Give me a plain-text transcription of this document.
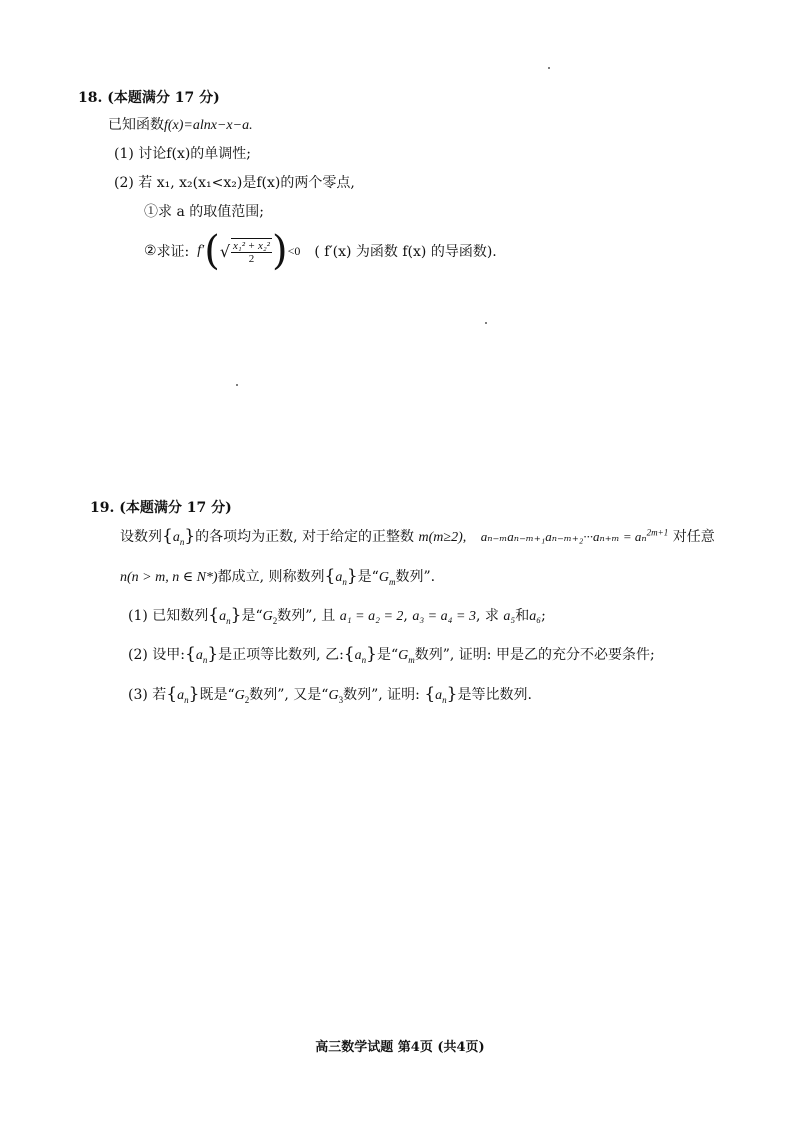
18. (本题满分 17 分)
已知函数f(x)=alnx−x−a.
(1) 讨论f(x)的单调性;
(2) 若 x₁, x₂(x₁<x₂)是f(x)的两个零点,
①求 a 的取值范围;
② 求证: f′ ( √ $\frac{\text{x₁² + x₂²}}{2}$ ) <0 ( f′(x) 为函数 f(x) 的导函数).
19. (本题满分 17 分)
设数列$\{a_n\}$的各项均为正数, 对于给定的正整数 m(m≥2), aₙ₋ₘaₙ₋ₘ₊₁aₙ₋ₘ₊₂···aₙ₊ₘ = aₙ$^{2m+1}$ 对任意
n(n > m, n ∈ N*)都成立, 则称数列$\{a_n\}$是“$G_m$数列”.
(1) 已知数列$\{a_n\}$是“$G_2$数列”, 且 a₁ = a₂ = 2, a₃ = a₄ = 3, 求 a₅和a₆;
(2) 设甲$:\{a_n\}$是正项等比数列, 乙$:\{a_n\}$是“$G_m$数列”, 证明: 甲是乙的充分不必要条件;
(3) 若$\{a_n\}$既是“$G_2$数列”, 又是“$G_3$数列”, 证明: $\{a_n\}$是等比数列.
高三数学试题 第4页 (共4页)
